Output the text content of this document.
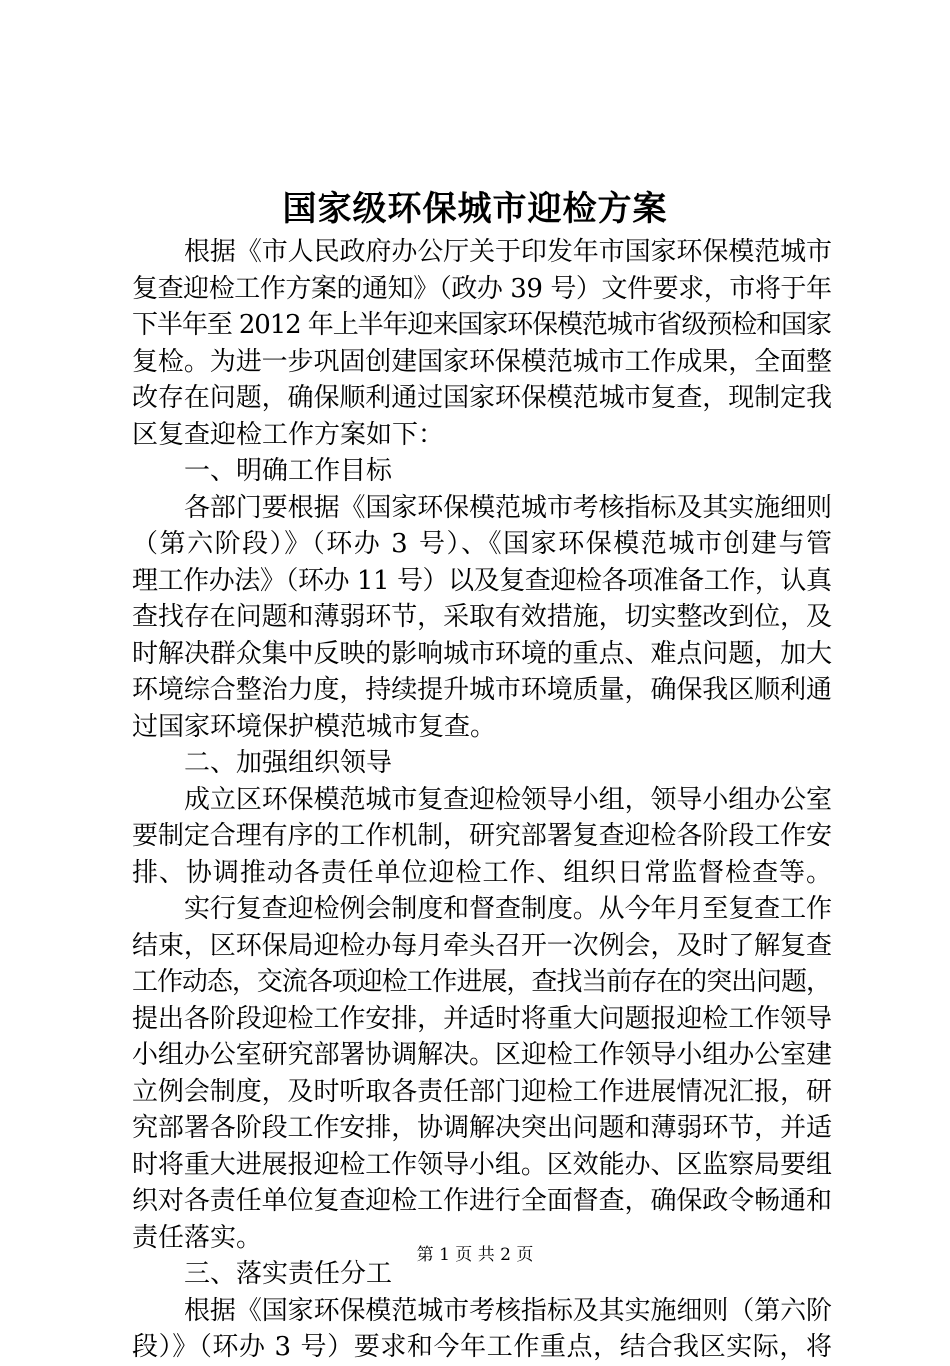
国家级环保城市迎检方案
根据《市人民政府办公厅关于印发年市国家环保模范城市
复查迎检工作方案的通知》（政办 39 号）文件要求，市将于年
下半年至 2012 年上半年迎来国家环保模范城市省级预检和国家
复检。为进一步巩固创建国家环保模范城市工作成果，全面整
改存在问题，确保顺利通过国家环保模范城市复查，现制定我
区复查迎检工作方案如下：
一、明确工作目标
各部门要根据《国家环保模范城市考核指标及其实施细则
（第六阶段）》（环办 3 号）、《国家环保模范城市创建与管
理工作办法》（环办 11 号）以及复查迎检各项准备工作，认真
查找存在问题和薄弱环节，采取有效措施，切实整改到位，及
时解决群众集中反映的影响城市环境的重点、难点问题，加大
环境综合整治力度，持续提升城市环境质量，确保我区顺利通
过国家环境保护模范城市复查。
二、加强组织领导
成立区环保模范城市复查迎检领导小组，领导小组办公室
要制定合理有序的工作机制，研究部署复查迎检各阶段工作安
排、协调推动各责任单位迎检工作、组织日常监督检查等。
实行复查迎检例会制度和督查制度。从今年月至复查工作
结束，区环保局迎检办每月牵头召开一次例会，及时了解复查
工作动态，交流各项迎检工作进展，查找当前存在的突出问题，
提出各阶段迎检工作安排，并适时将重大问题报迎检工作领导
小组办公室研究部署协调解决。区迎检工作领导小组办公室建
立例会制度，及时听取各责任部门迎检工作进展情况汇报，研
究部署各阶段工作安排，协调解决突出问题和薄弱环节，并适
时将重大进展报迎检工作领导小组。区效能办、区监察局要组
织对各责任单位复查迎检工作进行全面督查，确保政令畅通和
责任落实。
三、落实责任分工
根据《国家环保模范城市考核指标及其实施细则（第六阶
段）》（环办 3 号）要求和今年工作重点，结合我区实际，将
第 1 页 共 2 页
